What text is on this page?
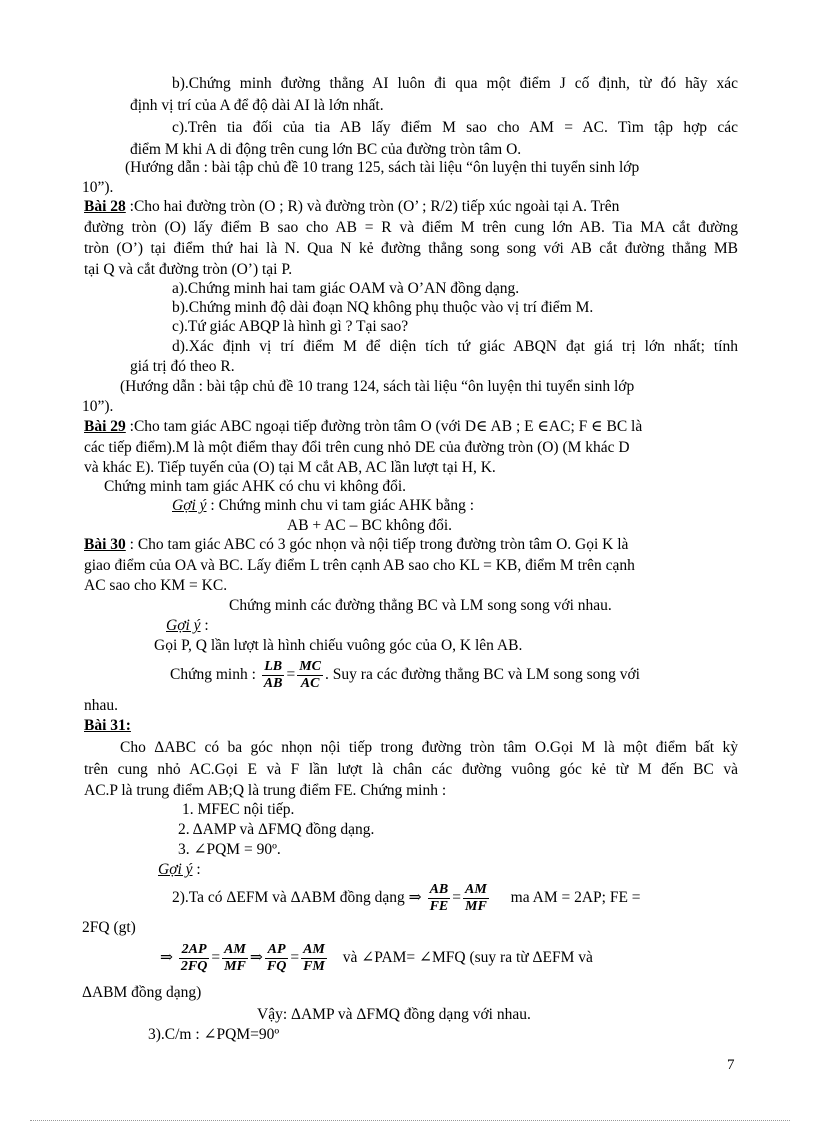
b).Chứng minh đường thẳng AI luôn đi qua một điểm J cố định, từ đó hãy xác
định vị trí của A để độ dài AI là lớn nhất.
c).Trên tia đối của tia AB lấy điểm M sao cho AM = AC. Tìm tập hợp các
điểm M khi A di động trên cung lớn BC của đường tròn tâm O.
(Hướng dẫn : bài tập chủ đề 10 trang 125, sách tài liệu “ôn luyện thi tuyển sinh lớp
10”).
Bài 28 :Cho hai đường tròn (O ; R) và đường tròn (O’ ; R/2) tiếp xúc ngoài tại A. Trên
đường tròn (O) lấy điểm B sao cho AB = R và điểm M trên cung lớn AB. Tia MA cắt đường
tròn (O’) tại điểm thứ hai là N. Qua N kẻ đường thẳng song song với AB cắt đường thẳng MB
tại Q và cắt đường tròn (O’) tại P.
a).Chứng minh hai tam giác OAM và O’AN đồng dạng.
b).Chứng minh độ dài đoạn NQ không phụ thuộc vào vị trí điểm M.
c).Tứ giác ABQP là hình gì ? Tại sao?
d).Xác định vị trí điểm M để diện tích tứ giác ABQN đạt giá trị lớn nhất; tính
giá trị đó theo R.
(Hướng dẫn : bài tập chủ đề 10 trang 124, sách tài liệu “ôn luyện thi tuyển sinh lớp
10”).
Bài 29 :Cho tam giác ABC ngoại tiếp đường tròn tâm O (với D∈ AB ; E ∈AC; F ∈ BC là
các tiếp điểm).M là một điểm thay đổi trên cung nhỏ DE của đường tròn (O) (M khác D
và khác E). Tiếp tuyến của (O) tại M cắt AB, AC lần lượt tại H, K.
Chứng minh tam giác AHK có chu vi không đổi.
Gợi ý : Chứng minh chu vi tam giác AHK bằng :
AB + AC – BC không đổi.
Bài 30 : Cho tam giác ABC có 3 góc nhọn và nội tiếp trong đường tròn tâm O. Gọi K là
giao điểm của OA và BC. Lấy điểm L trên cạnh AB sao cho KL = KB, điểm M trên cạnh
AC sao cho KM = KC.
Chứng minh các đường thẳng BC và LM song song với nhau.
Gợi ý :
Gọi P, Q lần lượt là hình chiếu vuông góc của O, K lên AB.
Chứng minh : $\frac{LB}{AB} = \frac{MC}{AC}$ . Suy ra các đường thẳng BC và LM song song với
nhau.
Bài 31:
Cho ΔABC có ba góc nhọn nội tiếp trong đường tròn tâm O.Gọi M là một điểm bất kỳ
trên cung nhỏ AC.Gọi E và F lần lượt là chân các đường vuông góc kẻ từ M đến BC và
AC.P là trung điểm AB;Q là trung điểm FE. Chứng minh :
1. MFEC nội tiếp.
2. ΔAMP và ΔFMQ đồng dạng.
3. ∠PQM = 90º.
Gợi ý :
2).Ta có ΔEFM và ΔABM đồng dạng ⇒ $\frac{AB}{FE} = \frac{AM}{MF}$ ma AM = 2AP; FE =
2FQ (gt)
⇒ $\frac{2AP}{2FQ} = \frac{AM}{MF}$ ⇒ $\frac{AP}{FQ} = \frac{AM}{FM}$ và ∠PAM= ∠MFQ (suy ra từ ΔEFM và
ΔABM đồng dạng)
Vậy: ΔAMP và ΔFMQ đồng dạng với nhau.
3).C/m : ∠PQM=90º
7
